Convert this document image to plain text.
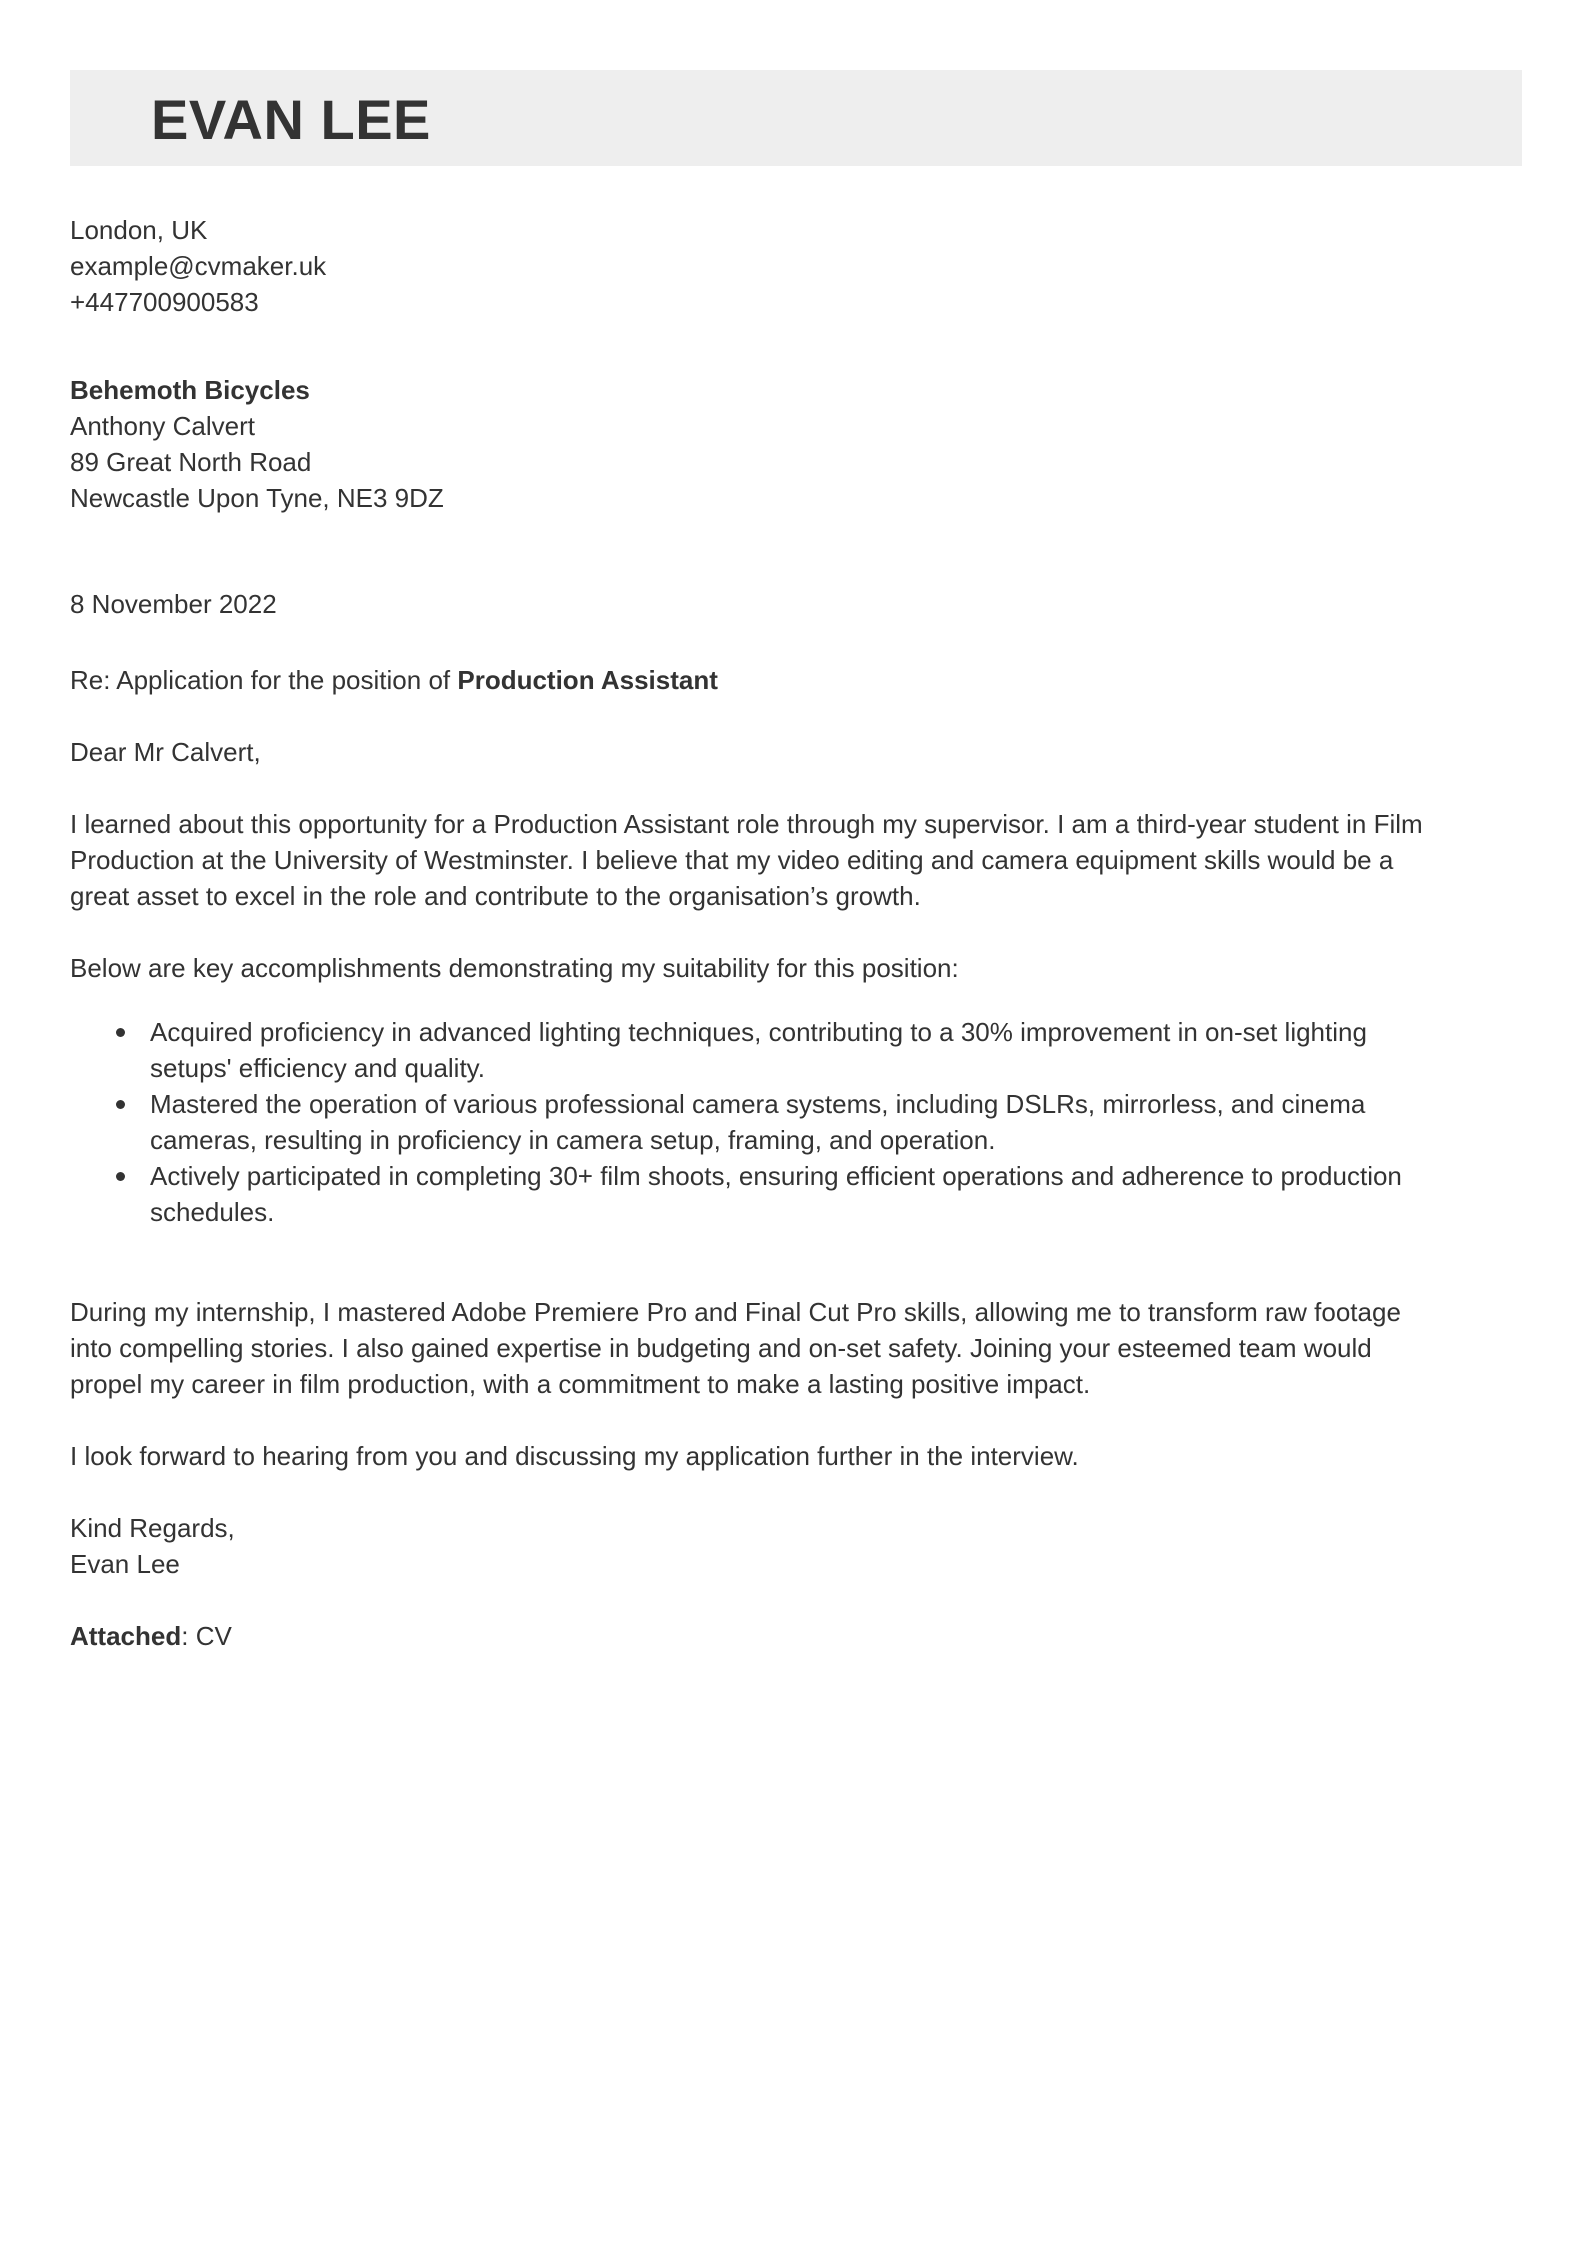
EVAN LEE
London, UK
example@cvmaker.uk
+447700900583
Behemoth Bicycles
Anthony Calvert
89 Great North Road
Newcastle Upon Tyne, NE3 9DZ
8 November 2022
Re: Application for the position of Production Assistant
Dear Mr Calvert,
I learned about this opportunity for a Production Assistant role through my supervisor. I am a third-year student in Film
Production at the University of Westminster. I believe that my video editing and camera equipment skills would be a
great asset to excel in the role and contribute to the organisation’s growth.
Below are key accomplishments demonstrating my suitability for this position:
Acquired proficiency in advanced lighting techniques, contributing to a 30% improvement in on-set lighting
setups' efficiency and quality.
Mastered the operation of various professional camera systems, including DSLRs, mirrorless, and cinema
cameras, resulting in proficiency in camera setup, framing, and operation.
Actively participated in completing 30+ film shoots, ensuring efficient operations and adherence to production
schedules.
During my internship, I mastered Adobe Premiere Pro and Final Cut Pro skills, allowing me to transform raw footage
into compelling stories. I also gained expertise in budgeting and on-set safety. Joining your esteemed team would
propel my career in film production, with a commitment to make a lasting positive impact.
I look forward to hearing from you and discussing my application further in the interview.
Kind Regards,
Evan Lee
Attached: CV
